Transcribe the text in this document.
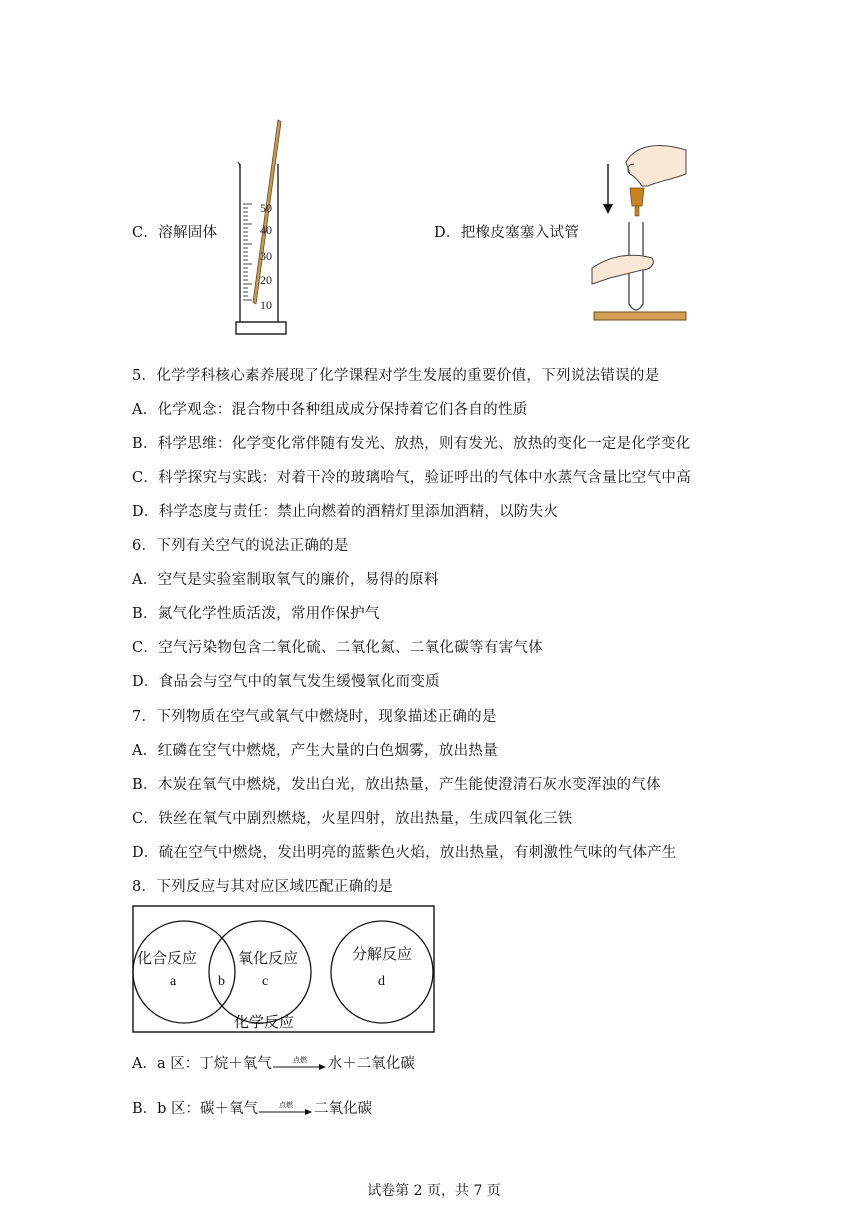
C．溶解固体
50
40
30
20
10
D．把橡皮塞塞入试管
5．化学学科核心素养展现了化学课程对学生发展的重要价值，下列说法错误的是
A．化学观念：混合物中各种组成成分保持着它们各自的性质
B．科学思维：化学变化常伴随有发光、放热，则有发光、放热的变化一定是化学变化
C．科学探究与实践：对着干冷的玻璃哈气，验证呼出的气体中水蒸气含量比空气中高
D．科学态度与责任：禁止向燃着的酒精灯里添加酒精，以防失火
6．下列有关空气的说法正确的是
A．空气是实验室制取氧气的廉价，易得的原料
B．氮气化学性质活泼，常用作保护气
C．空气污染物包含二氧化硫、二氧化氮、二氧化碳等有害气体
D．食品会与空气中的氧气发生缓慢氧化而变质
7．下列物质在空气或氧气中燃烧时，现象描述正确的是
A．红磷在空气中燃烧，产生大量的白色烟雾，放出热量
B．木炭在氧气中燃烧，发出白光，放出热量，产生能使澄清石灰水变浑浊的气体
C．铁丝在氧气中剧烈燃烧，火星四射，放出热量，生成四氧化三铁
D．硫在空气中燃烧，发出明亮的蓝紫色火焰，放出热量，有刺激性气味的气体产生
8．下列反应与其对应区域匹配正确的是
化合反应	氧化反应	分解反应
a	b	c	d
化学反应
A．a 区：丁烷＋氧气	点燃 水＋二氧化碳
B．b 区：碳＋氧气	点燃 二氧化碳
试卷第 2 页，共 7 页
